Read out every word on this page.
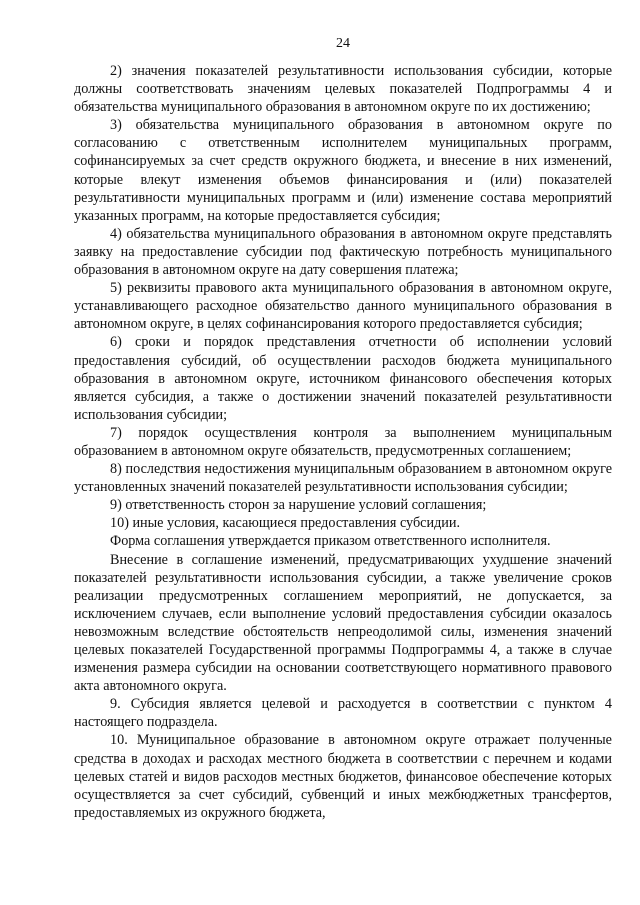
24

2) значения показателей результативности использования субсидии, которые должны соответствовать значениям целевых показателей Подпрограммы 4 и обязательства муниципального образования в автономном округе по их достижению;

3) обязательства муниципального образования в автономном округе по согласованию с ответственным исполнителем муниципальных программ, софинансируемых за счет средств окружного бюджета, и внесение в них изменений, которые влекут изменения объемов финансирования и (или) показателей результативности муниципальных программ и (или) изменение состава мероприятий указанных программ, на которые предоставляется субсидия;

4) обязательства муниципального образования в автономном округе представлять заявку на предоставление субсидии под фактическую потребность муниципального образования в автономном округе на дату совершения платежа;

5) реквизиты правового акта муниципального образования в автономном округе, устанавливающего расходное обязательство данного муниципального образования в автономном округе, в целях софинансирования которого предоставляется субсидия;

6) сроки и порядок представления отчетности об исполнении условий предоставления субсидий, об осуществлении расходов бюджета муниципального образования в автономном округе, источником финансового обеспечения которых является субсидия, а также о достижении значений показателей результативности использования субсидии;

7) порядок осуществления контроля за выполнением муниципальным образованием в автономном округе обязательств, предусмотренных соглашением;

8) последствия недостижения муниципальным образованием в автономном округе установленных значений показателей результативности использования субсидии;

9) ответственность сторон за нарушение условий соглашения;

10) иные условия, касающиеся предоставления субсидии.

Форма соглашения утверждается приказом ответственного исполнителя.

Внесение в соглашение изменений, предусматривающих ухудшение значений показателей результативности использования субсидии, а также увеличение сроков реализации предусмотренных соглашением мероприятий, не допускается, за исключением случаев, если выполнение условий предоставления субсидии оказалось невозможным вследствие обстоятельств непреодолимой силы, изменения значений целевых показателей Государственной программы Подпрограммы 4, а также в случае изменения размера субсидии на основании соответствующего нормативного правового акта автономного округа.

9. Субсидия является целевой и расходуется в соответствии с пунктом 4 настоящего подраздела.

10. Муниципальное образование в автономном округе отражает полученные средства в доходах и расходах местного бюджета в соответствии с перечнем и кодами целевых статей и видов расходов местных бюджетов, финансовое обеспечение которых осуществляется за счет субсидий, субвенций и иных межбюджетных трансфертов, предоставляемых из окружного бюджета,
